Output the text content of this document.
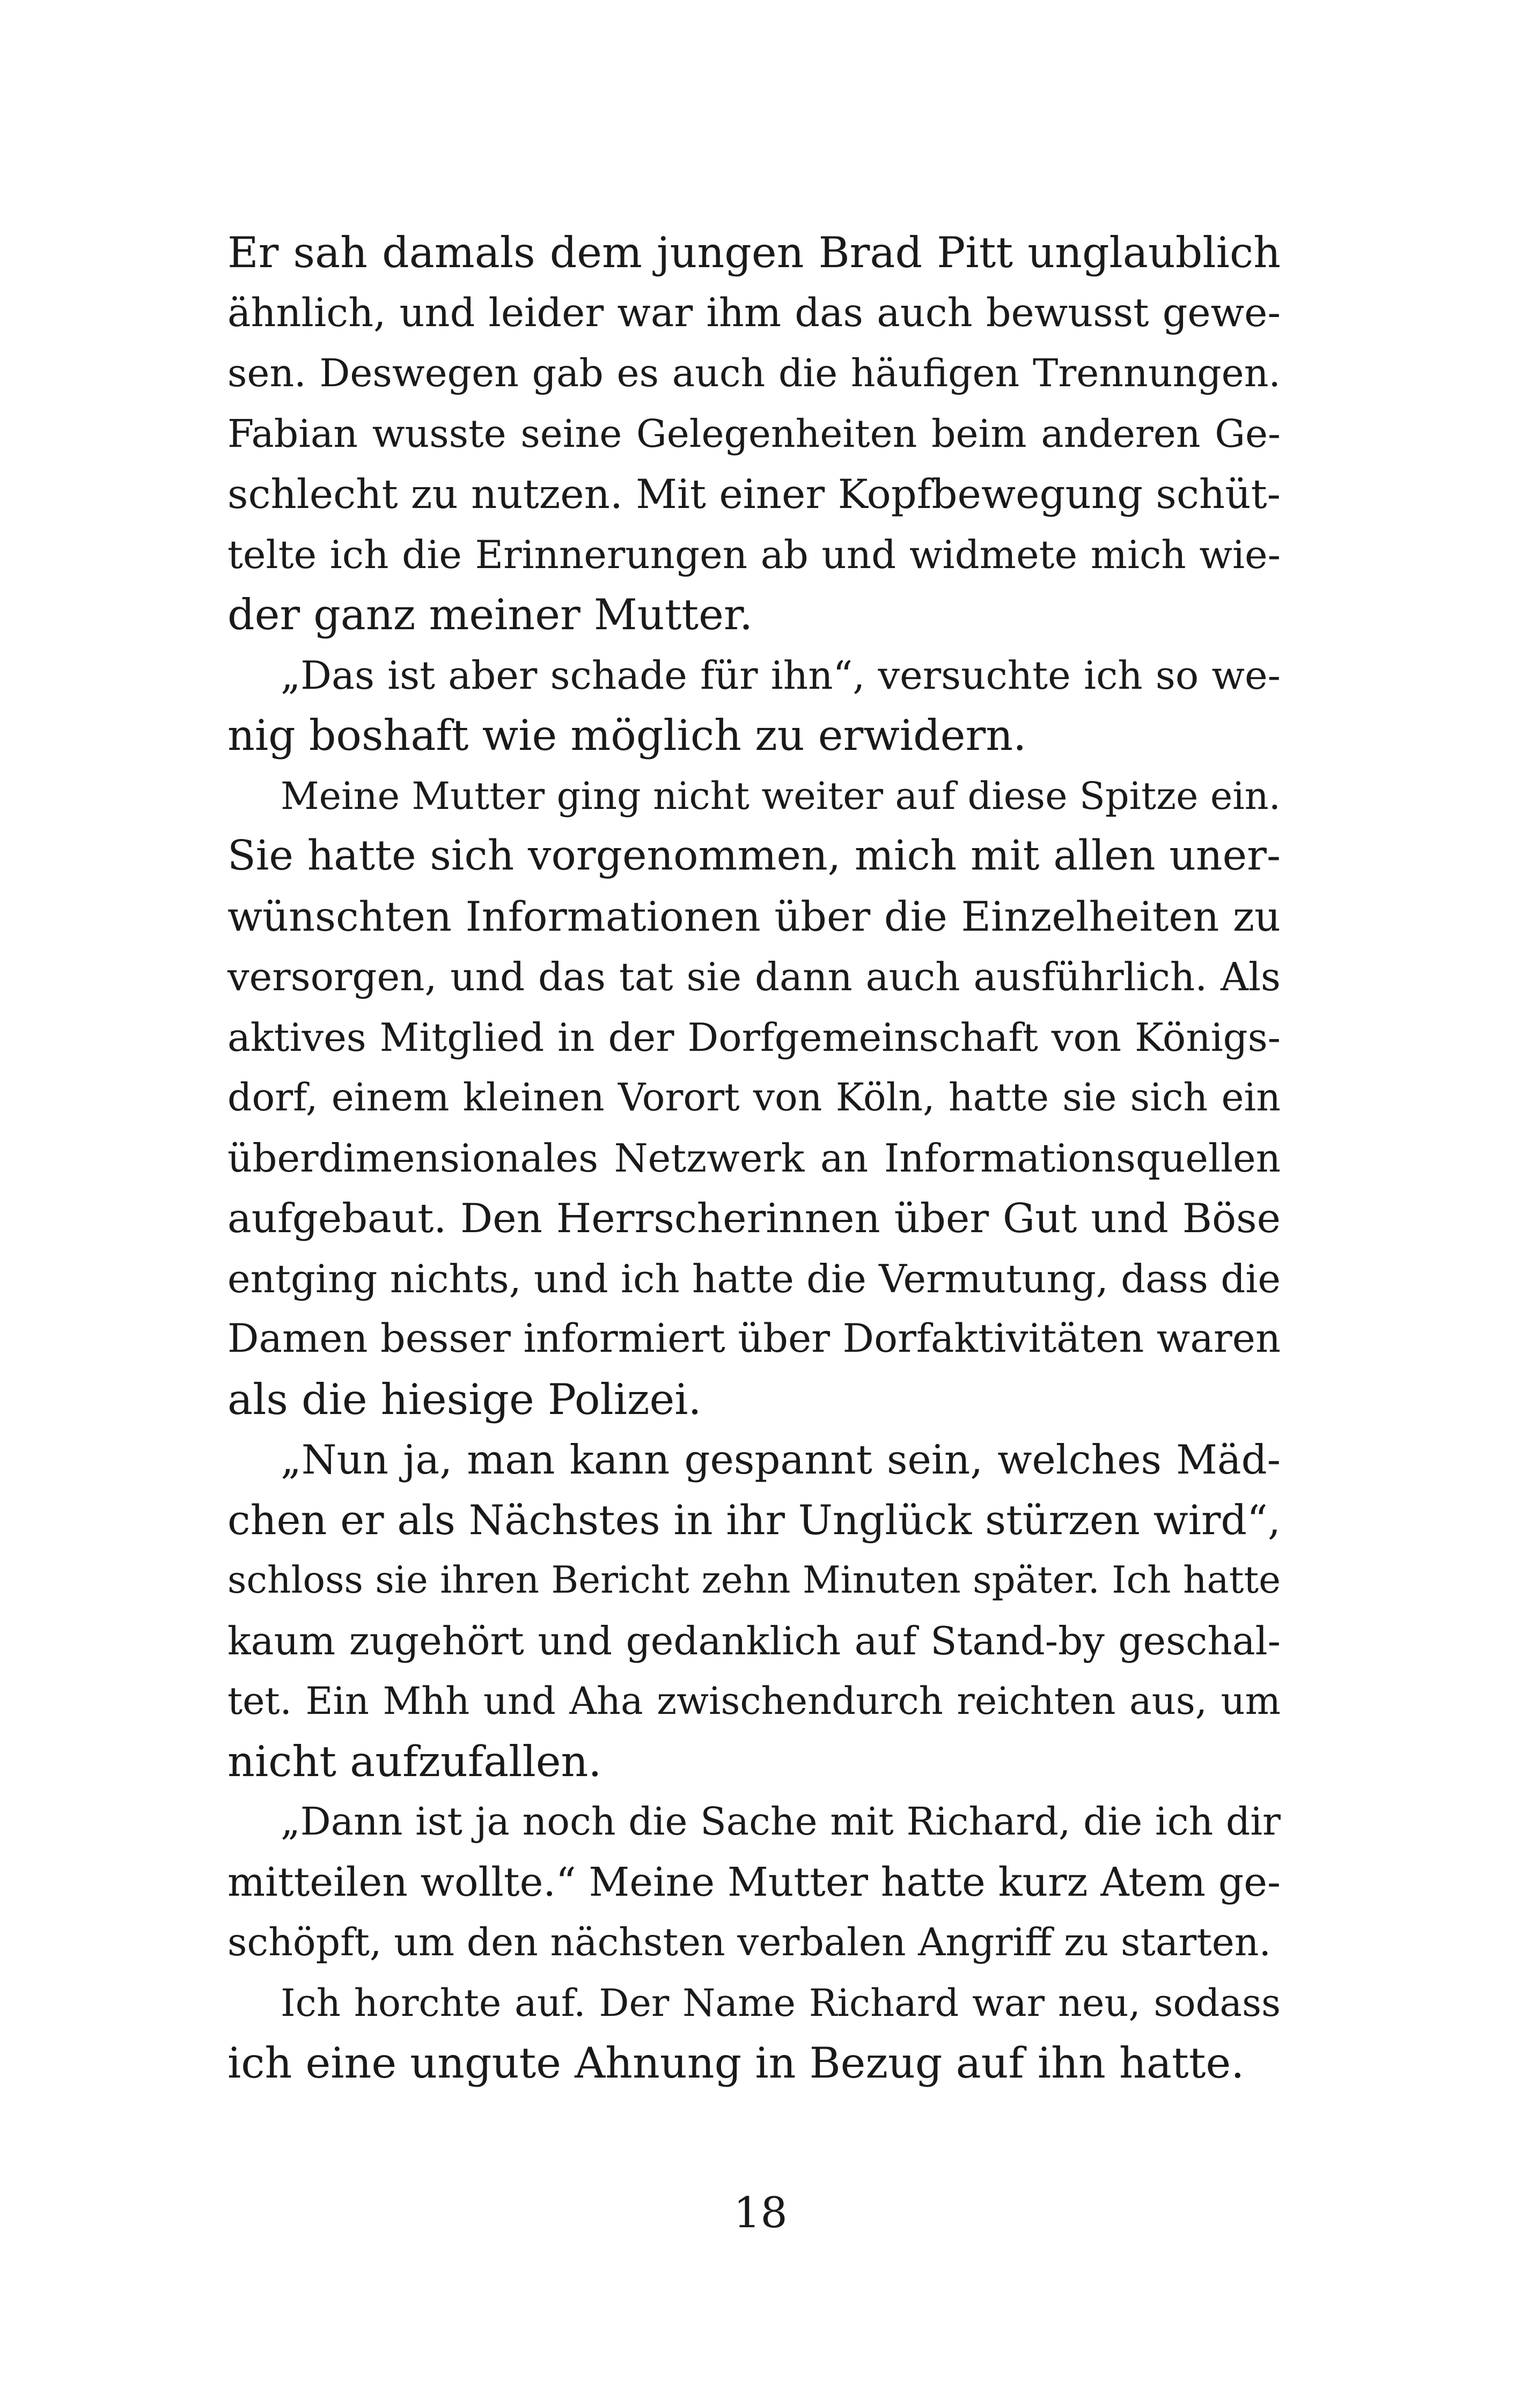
Er sah damals dem jungen Brad Pitt unglaublich
ähnlich, und leider war ihm das auch bewusst gewe-
sen. Deswegen gab es auch die häufigen Trennungen.
Fabian wusste seine Gelegenheiten beim anderen Ge-
schlecht zu nutzen. Mit einer Kopfbewegung schüt-
telte ich die Erinnerungen ab und widmete mich wie-
der ganz meiner Mutter.
„Das ist aber schade für ihn“, versuchte ich so we-
nig boshaft wie möglich zu erwidern.
Meine Mutter ging nicht weiter auf diese Spitze ein.
Sie hatte sich vorgenommen, mich mit allen uner-
wünschten Informationen über die Einzelheiten zu
versorgen, und das tat sie dann auch ausführlich. Als
aktives Mitglied in der Dorfgemeinschaft von Königs-
dorf, einem kleinen Vorort von Köln, hatte sie sich ein
überdimensionales Netzwerk an Informationsquellen
aufgebaut. Den Herrscherinnen über Gut und Böse
entging nichts, und ich hatte die Vermutung, dass die
Damen besser informiert über Dorfaktivitäten waren
als die hiesige Polizei.
„Nun ja, man kann gespannt sein, welches Mäd-
chen er als Nächstes in ihr Unglück stürzen wird“,
schloss sie ihren Bericht zehn Minuten später. Ich hatte
kaum zugehört und gedanklich auf Stand-by geschal-
tet. Ein Mhh und Aha zwischendurch reichten aus, um
nicht aufzufallen.
„Dann ist ja noch die Sache mit Richard, die ich dir
mitteilen wollte.“ Meine Mutter hatte kurz Atem ge-
schöpft, um den nächsten verbalen Angriff zu starten.
Ich horchte auf. Der Name Richard war neu, sodass
ich eine ungute Ahnung in Bezug auf ihn hatte.
18
